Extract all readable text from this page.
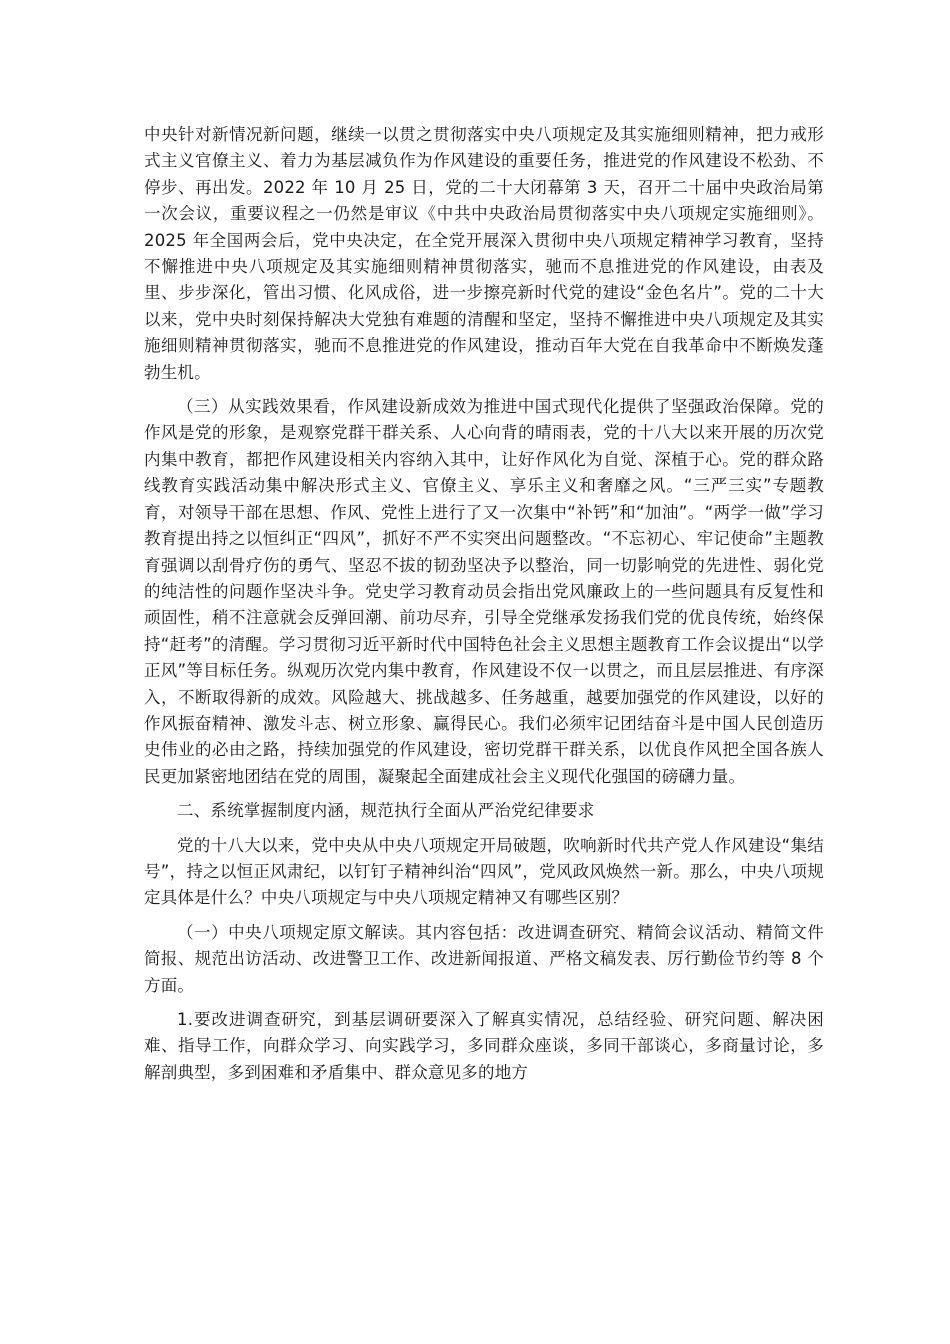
中央针对新情况新问题，继续一以贯之贯彻落实中央八项规定及其实施细则精神，把力戒形式主义官僚主义、着力为基层减负作为作风建设的重要任务，推进党的作风建设不松劲、不停步、再出发。2022 年 10 月 25 日，党的二十大闭幕第 3 天，召开二十届中央政治局第一次会议，重要议程之一仍然是审议《中共中央政治局贯彻落实中央八项规定实施细则》。2025 年全国两会后，党中央决定，在全党开展深入贯彻中央八项规定精神学习教育，坚持不懈推进中央八项规定及其实施细则精神贯彻落实，驰而不息推进党的作风建设，由表及里、步步深化，管出习惯、化风成俗，进一步擦亮新时代党的建设“金色名片”。党的二十大以来，党中央时刻保持解决大党独有难题的清醒和坚定，坚持不懈推进中央八项规定及其实施细则精神贯彻落实，驰而不息推进党的作风建设，推动百年大党在自我革命中不断焕发蓬勃生机。

（三）从实践效果看，作风建设新成效为推进中国式现代化提供了坚强政治保障。党的作风是党的形象，是观察党群干群关系、人心向背的晴雨表，党的十八大以来开展的历次党内集中教育，都把作风建设相关内容纳入其中，让好作风化为自觉、深植于心。党的群众路线教育实践活动集中解决形式主义、官僚主义、享乐主义和奢靡之风。“三严三实”专题教育，对领导干部在思想、作风、党性上进行了又一次集中“补钙”和“加油”。“两学一做”学习教育提出持之以恒纠正“四风”，抓好不严不实突出问题整改。“不忘初心、牢记使命”主题教育强调以刮骨疗伤的勇气、坚忍不拔的韧劲坚决予以整治，同一切影响党的先进性、弱化党的纯洁性的问题作坚决斗争。党史学习教育动员会指出党风廉政上的一些问题具有反复性和顽固性，稍不注意就会反弹回潮、前功尽弃，引导全党继承发扬我们党的优良传统，始终保持“赶考”的清醒。学习贯彻习近平新时代中国特色社会主义思想主题教育工作会议提出“以学正风”等目标任务。纵观历次党内集中教育，作风建设不仅一以贯之，而且层层推进、有序深入，不断取得新的成效。风险越大、挑战越多、任务越重，越要加强党的作风建设，以好的作风振奋精神、激发斗志、树立形象、赢得民心。我们必须牢记团结奋斗是中国人民创造历史伟业的必由之路，持续加强党的作风建设，密切党群干群关系，以优良作风把全国各族人民更加紧密地团结在党的周围，凝聚起全面建成社会主义现代化强国的磅礴力量。

二、系统掌握制度内涵，规范执行全面从严治党纪律要求

党的十八大以来，党中央从中央八项规定开局破题，吹响新时代共产党人作风建设“集结号”，持之以恒正风肃纪，以钉钉子精神纠治“四风”，党风政风焕然一新。那么，中央八项规定具体是什么？中央八项规定与中央八项规定精神又有哪些区别？

（一）中央八项规定原文解读。其内容包括：改进调查研究、精简会议活动、精简文件简报、规范出访活动、改进警卫工作、改进新闻报道、严格文稿发表、厉行勤俭节约等 8 个方面。

1.要改进调查研究，到基层调研要深入了解真实情况，总结经验、研究问题、解决困难、指导工作，向群众学习、向实践学习，多同群众座谈，多同干部谈心，多商量讨论，多解剖典型，多到困难和矛盾集中、群众意见多的地方
